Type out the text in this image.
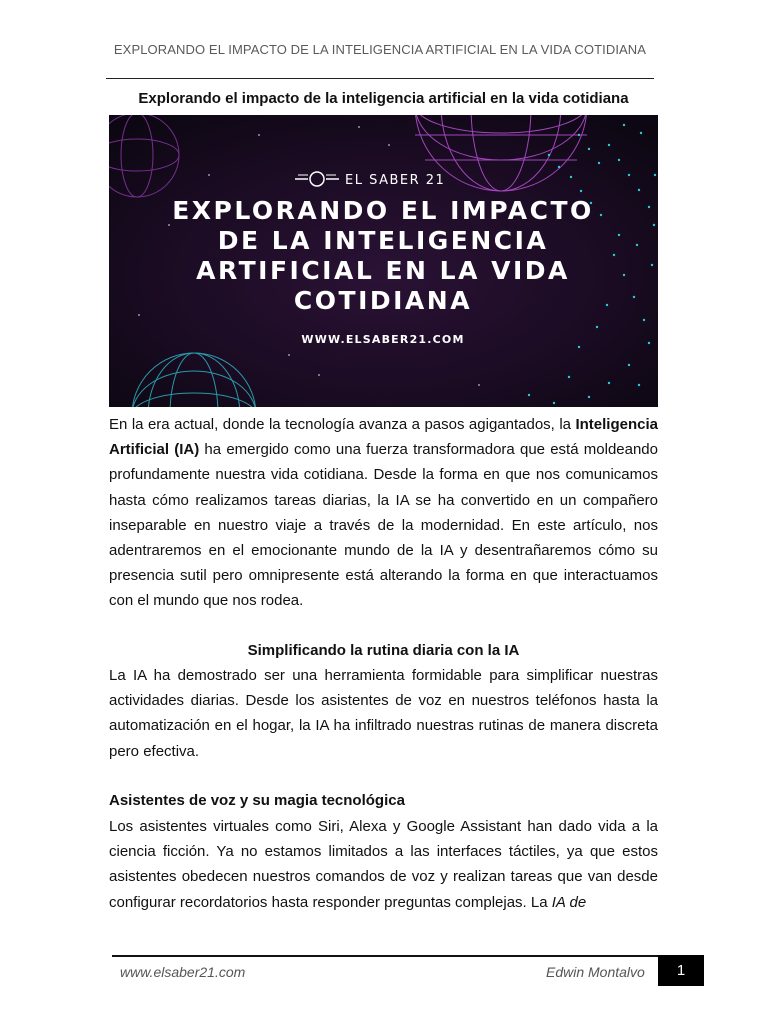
EXPLORANDO EL IMPACTO DE LA INTELIGENCIA ARTIFICIAL EN LA VIDA COTIDIANA
Explorando el impacto de la inteligencia artificial en la vida cotidiana
EL SABER 21
EXPLORANDO EL IMPACTO
DE LA INTELIGENCIA
ARTIFICIAL EN LA VIDA
COTIDIANA
WWW.ELSABER21.COM
En la era actual, donde la tecnología avanza a pasos agigantados, la Inteligencia Artificial (IA) ha emergido como una fuerza transformadora que está moldeando profundamente nuestra vida cotidiana. Desde la forma en que nos comunicamos hasta cómo realizamos tareas diarias, la IA se ha convertido en un compañero inseparable en nuestro viaje a través de la modernidad. En este artículo, nos adentraremos en el emocionante mundo de la IA y desentrañaremos cómo su presencia sutil pero omnipresente está alterando la forma en que interactuamos con el mundo que nos rodea.
Simplificando la rutina diaria con la IA
La IA ha demostrado ser una herramienta formidable para simplificar nuestras actividades diarias. Desde los asistentes de voz en nuestros teléfonos hasta la automatización en el hogar, la IA ha infiltrado nuestras rutinas de manera discreta pero efectiva.
Asistentes de voz y su magia tecnológica
Los asistentes virtuales como Siri, Alexa y Google Assistant han dado vida a la ciencia ficción. Ya no estamos limitados a las interfaces táctiles, ya que estos asistentes obedecen nuestros comandos de voz y realizan tareas que van desde configurar recordatorios hasta responder preguntas complejas. La IA de
www.elsaber21.com	Edwin Montalvo	1
